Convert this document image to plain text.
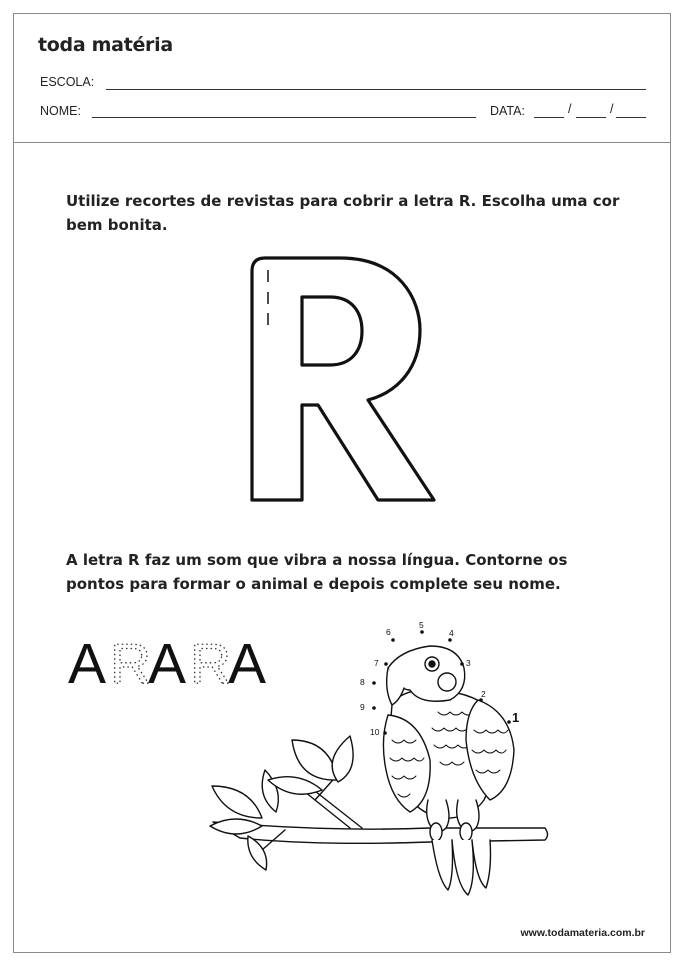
toda matéria
ESCOLA:
NOME:	DATA:	/	/
Utilize recortes de revistas para cobrir a letra R. Escolha uma cor bem bonita.
A letra R faz um som que vibra a nossa língua. Contorne os pontos para formar o animal e depois complete seu nome.
A R
A R
A
1
2
3
4
5
6
7
8
9
10
www.todamateria.com.br
